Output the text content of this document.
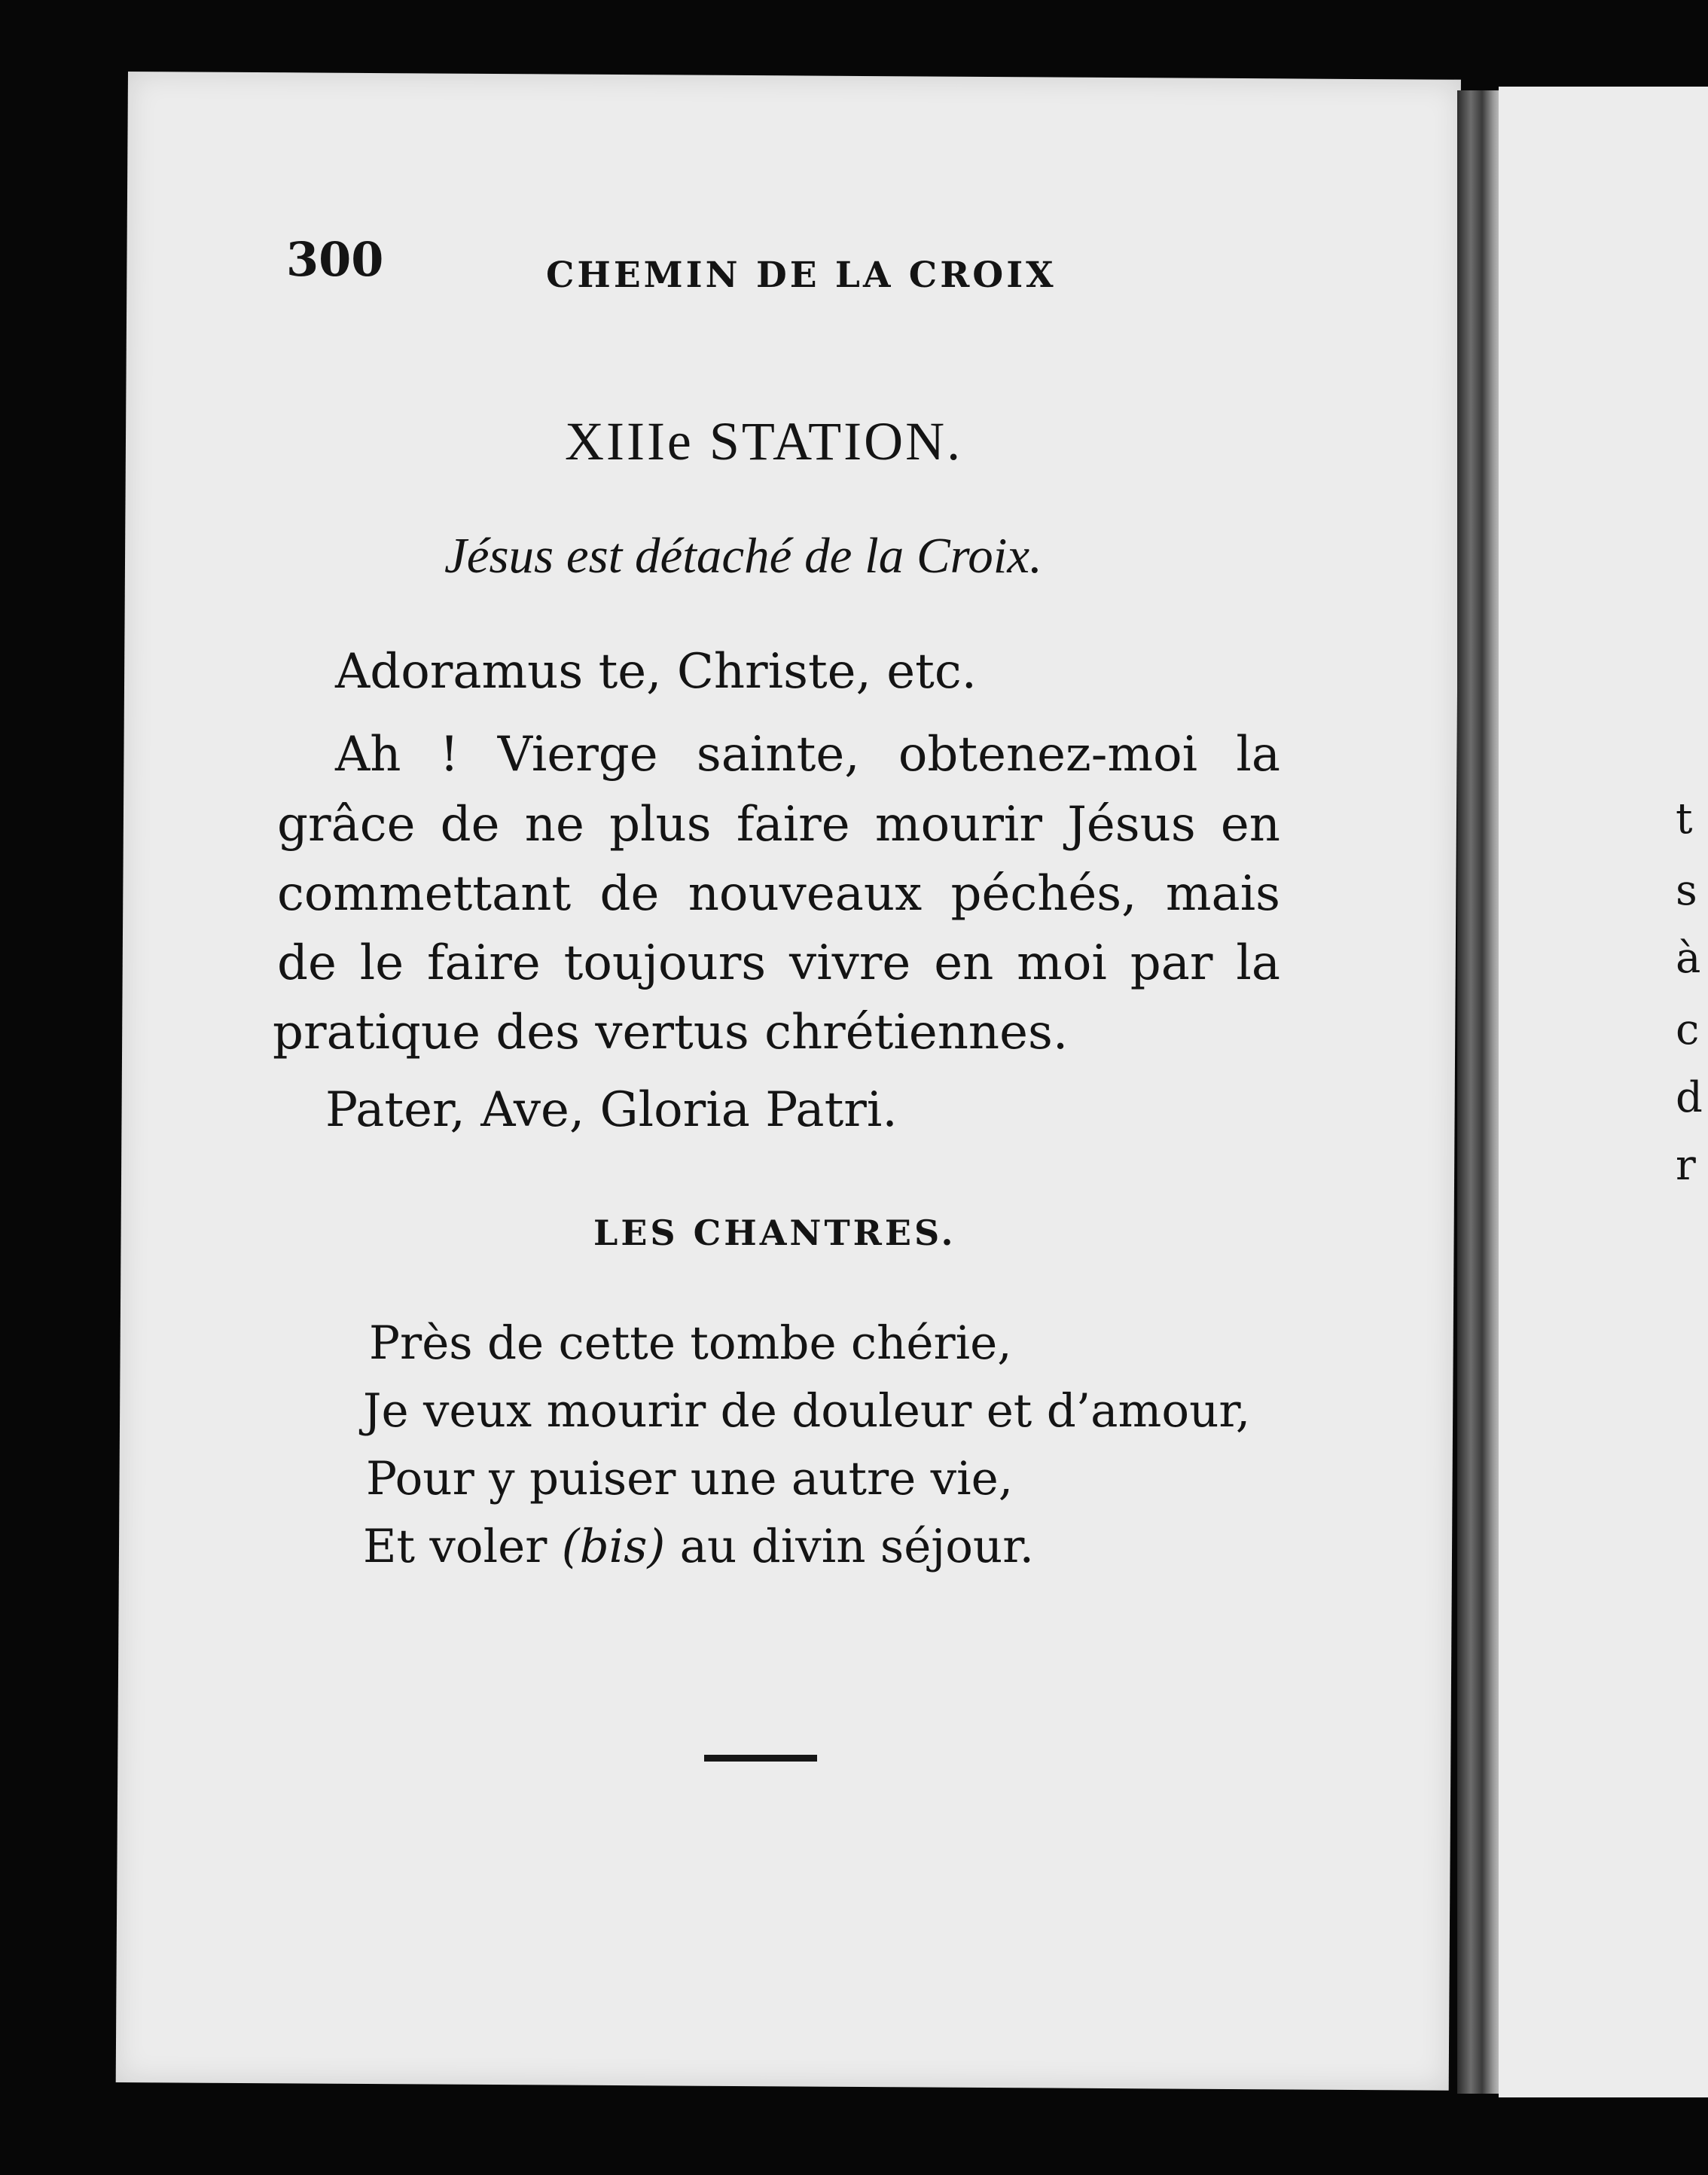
300	CHEMIN DE LA CROIX
XIIIe STATION.
Jésus est détaché de la Croix.
Adoramus te, Christe, etc.
Ah ! Vierge sainte, obtenez-moi la
grâce de ne plus faire mourir Jésus en
commettant de nouveaux péchés, mais
de le faire toujours vivre en moi par la
pratique des vertus chrétiennes.
Pater, Ave, Gloria Patri.
LES CHANTRES.
Près de cette tombe chérie,
Je veux mourir de douleur et d’amour,
Pour y puiser une autre vie,
Et voler (bis) au divin séjour.
t
s
à
c
d
r
